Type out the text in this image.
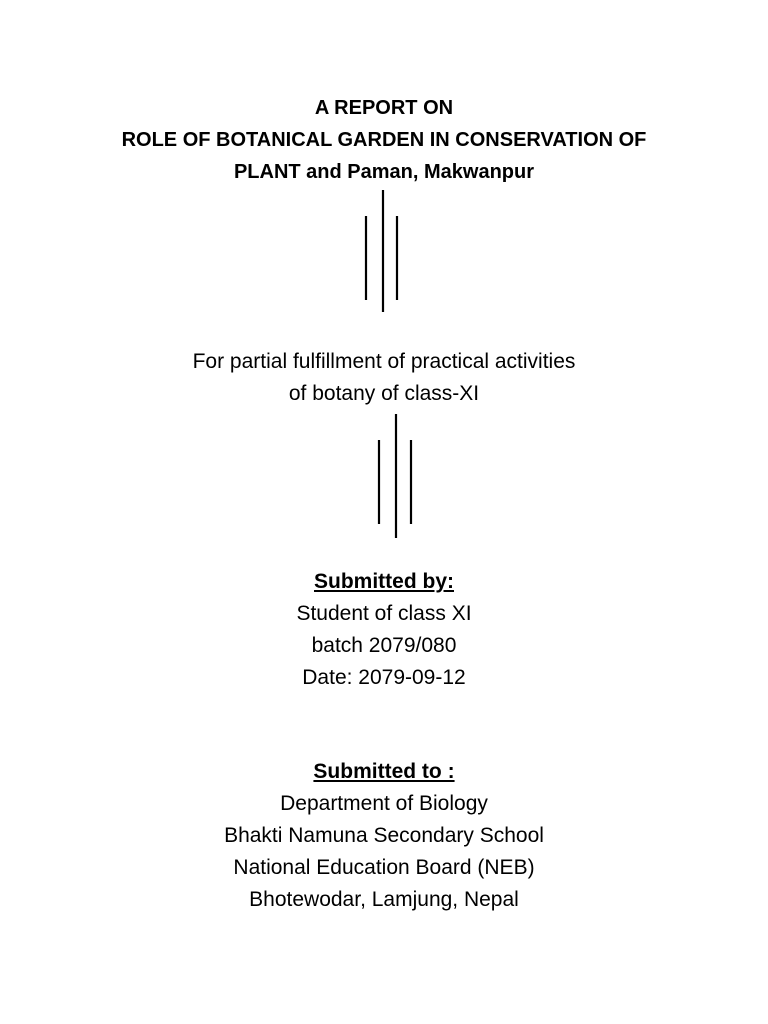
A REPORT ON
ROLE OF BOTANICAL GARDEN IN CONSERVATION OF
PLANT and Paman, Makwanpur
For partial fulfillment of practical activities
of botany of class-XI
Submitted by:
Student of class XI
batch 2079/080
Date: 2079-09-12
Submitted to :
Department of Biology
Bhakti Namuna Secondary School
National Education Board (NEB)
Bhotewodar, Lamjung, Nepal
